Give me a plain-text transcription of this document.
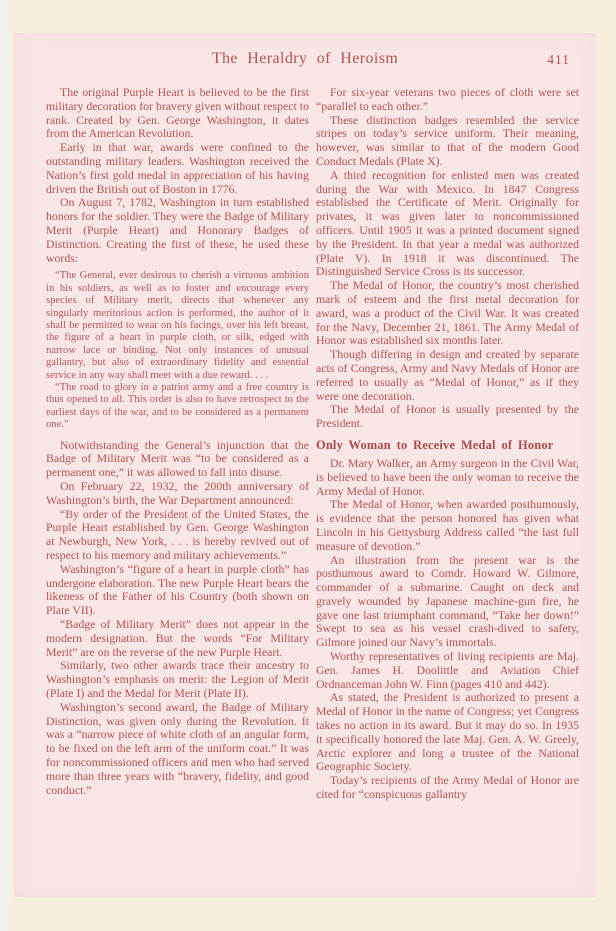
The Heraldry of Heroism	411

The original Purple Heart is believed to be the first military decoration for bravery given without respect to rank. Created by Gen. George Washington, it dates from the American Revolution.

Early in that war, awards were confined to the outstanding military leaders. Washington received the Nation’s first gold medal in appreciation of his having driven the British out of Boston in 1776.

On August 7, 1782, Washington in turn established honors for the soldier. They were the Badge of Military Merit (Purple Heart) and Honorary Badges of Distinction. Creating the first of these, he used these words:

“The General, ever desirous to cherish a virtuous ambition in his soldiers, as well as to foster and encourage every species of Military merit, directs that whenever any singularly meritorious action is performed, the author of it shall be permitted to wear on his facings, over his left breast, the figure of a heart in purple cloth, or silk, edged with narrow lace or binding. Not only instances of unusual gallantry, but also of extraordinary fidelity and essential service in any way shall meet with a due reward. . . .

“The road to glory in a patriot army and a free country is thus opened to all. This order is also to have retrospect to the earliest days of the war, and to be considered as a permanent one.”

Notwithstanding the General’s injunction that the Badge of Military Merit was “to be considered as a permanent one,” it was allowed to fall into disuse.

On February 22, 1932, the 200th anniversary of Washington’s birth, the War Department announced:

“By order of the President of the United States, the Purple Heart established by Gen. George Washington at Newburgh, New York, . . . is hereby revived out of respect to his memory and military achievements.”

Washington’s “figure of a heart in purple cloth” has undergone elaboration. The new Purple Heart bears the likeness of the Father of his Country (both shown on Plate VII).

“Badge of Military Merit” does not appear in the modern designation. But the words “For Military Merit” are on the reverse of the new Purple Heart.

Similarly, two other awards trace their ancestry to Washington’s emphasis on merit: the Legion of Merit (Plate I) and the Medal for Merit (Plate II).

Washington’s second award, the Badge of Military Distinction, was given only during the Revolution. It was a “narrow piece of white cloth of an angular form, to be fixed on the left arm of the uniform coat.” It was for noncommissioned officers and men who had served more than three years with “bravery, fidelity, and good conduct.”

For six-year veterans two pieces of cloth were set “parallel to each other.”

These distinction badges resembled the service stripes on today’s service uniform. Their meaning, however, was similar to that of the modern Good Conduct Medals (Plate X).

A third recognition for enlisted men was created during the War with Mexico. In 1847 Congress established the Certificate of Merit. Originally for privates, it was given later to noncommissioned officers. Until 1905 it was a printed document signed by the President. In that year a medal was authorized (Plate V). In 1918 it was discontinued. The Distinguished Service Cross is its successor.

The Medal of Honor, the country’s most cherished mark of esteem and the first metal decoration for award, was a product of the Civil War. It was created for the Navy, December 21, 1861. The Army Medal of Honor was established six months later.

Though differing in design and created by separate acts of Congress, Army and Navy Medals of Honor are referred to usually as “Medal of Honor,” as if they were one decoration.

The Medal of Honor is usually presented by the President.

Only Woman to Receive Medal of Honor

Dr. Mary Walker, an Army surgeon in the Civil War, is believed to have been the only woman to receive the Army Medal of Honor.

The Medal of Honor, when awarded posthumously, is evidence that the person honored has given what Lincoln in his Gettysburg Address called “the last full measure of devotion.”

An illustration from the present war is the posthumous award to Comdr. Howard W. Gilmore, commander of a submarine. Caught on deck and gravely wounded by Japanese machine-gun fire, he gave one last triumphant command, “Take her down!” Swept to sea as his vessel crash-dived to safety, Gilmore joined our Navy’s immortals.

Worthy representatives of living recipients are Maj. Gen. James H. Doolittle and Aviation Chief Ordnanceman John W. Finn (pages 410 and 442).

As stated, the President is authorized to present a Medal of Honor in the name of Congress; yet Congress takes no action in its award. But it may do so. In 1935 it specifically honored the late Maj. Gen. A. W. Greely, Arctic explorer and long a trustee of the National Geographic Society.

Today’s recipients of the Army Medal of Honor are cited for “conspicuous gallantry
